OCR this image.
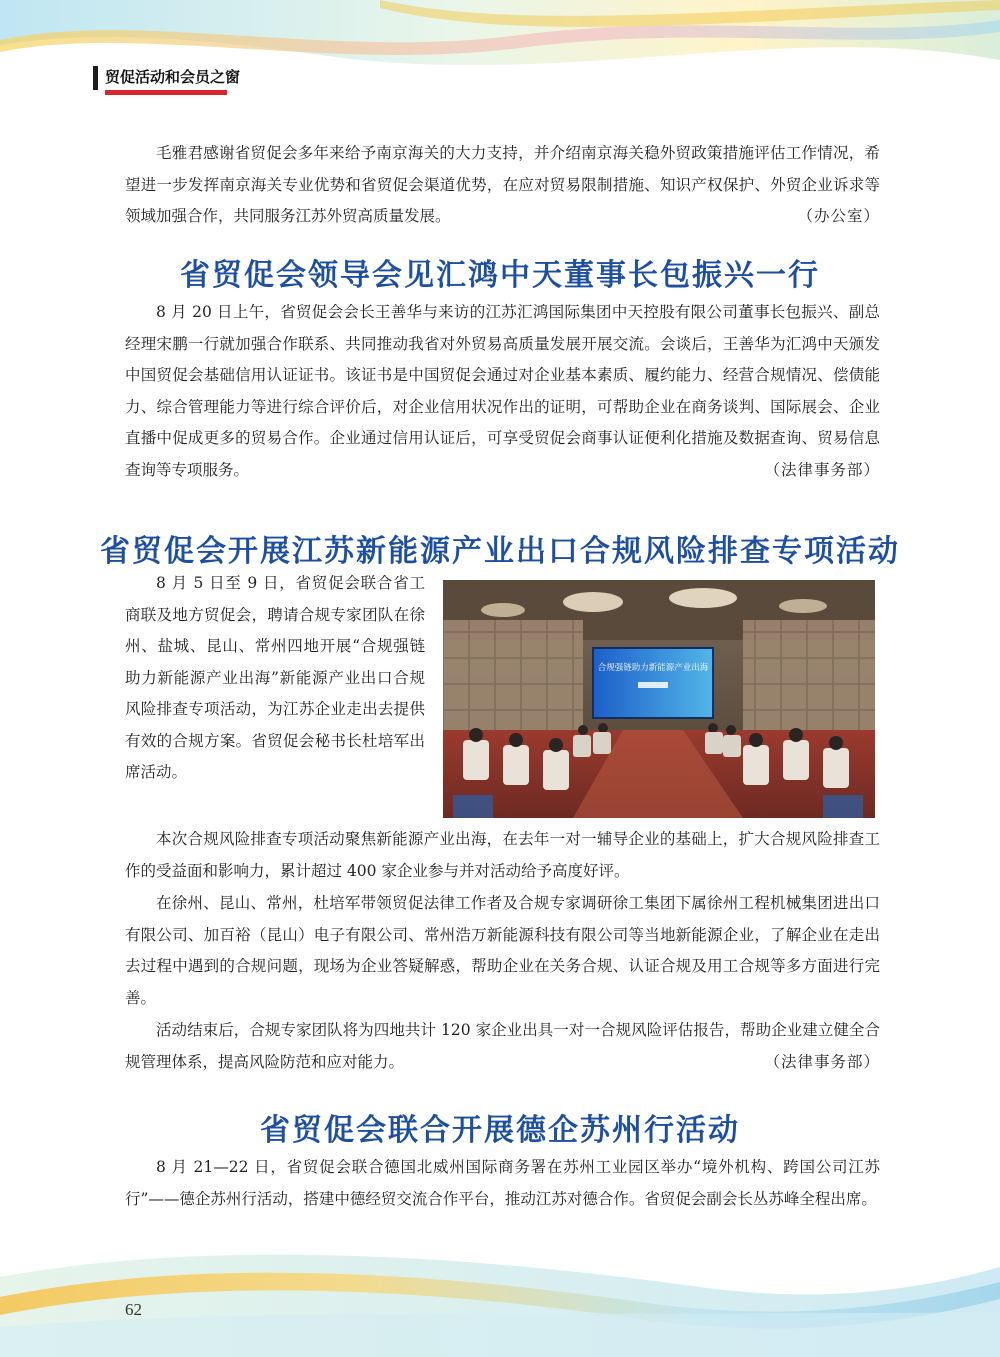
贸促活动和会员之窗

毛雅君感谢省贸促会多年来给予南京海关的大力支持，并介绍南京海关稳外贸政策措施评估工作情况，希望进一步发挥南京海关专业优势和省贸促会渠道优势，在应对贸易限制措施、知识产权保护、外贸企业诉求等领域加强合作，共同服务江苏外贸高质量发展。	（办公室）

省贸促会领导会见汇鸿中天董事长包振兴一行

8 月 20 日上午，省贸促会会长王善华与来访的江苏汇鸿国际集团中天控股有限公司董事长包振兴、副总经理宋鹏一行就加强合作联系、共同推动我省对外贸易高质量发展开展交流。会谈后，王善华为汇鸿中天颁发中国贸促会基础信用认证证书。该证书是中国贸促会通过对企业基本素质、履约能力、经营合规情况、偿债能力、综合管理能力等进行综合评价后，对企业信用状况作出的证明，可帮助企业在商务谈判、国际展会、企业直播中促成更多的贸易合作。企业通过信用认证后，可享受贸促会商事认证便利化措施及数据查询、贸易信息查询等专项服务。	（法律事务部）

省贸促会开展江苏新能源产业出口合规风险排查专项活动

8 月 5 日至 9 日，省贸促会联合省工商联及地方贸促会，聘请合规专家团队在徐州、盐城、昆山、常州四地开展“合规强链助力新能源产业出海”新能源产业出口合规风险排查专项活动，为江苏企业走出去提供有效的合规方案。省贸促会秘书长杜培军出席活动。

合规强链助力新能源产业出海

本次合规风险排查专项活动聚焦新能源产业出海，在去年一对一辅导企业的基础上，扩大合规风险排查工作的受益面和影响力，累计超过 400 家企业参与并对活动给予高度好评。

在徐州、昆山、常州，杜培军带领贸促法律工作者及合规专家调研徐工集团下属徐州工程机械集团进出口有限公司、加百裕（昆山）电子有限公司、常州浩万新能源科技有限公司等当地新能源企业，了解企业在走出去过程中遇到的合规问题，现场为企业答疑解惑，帮助企业在关务合规、认证合规及用工合规等多方面进行完善。

活动结束后，合规专家团队将为四地共计 120 家企业出具一对一合规风险评估报告，帮助企业建立健全合规管理体系，提高风险防范和应对能力。	（法律事务部）

省贸促会联合开展德企苏州行活动

8 月 21—22 日，省贸促会联合德国北威州国际商务署在苏州工业园区举办“境外机构、跨国公司江苏行”——德企苏州行活动，搭建中德经贸交流合作平台，推动江苏对德合作。省贸促会副会长丛苏峰全程出席。

62
